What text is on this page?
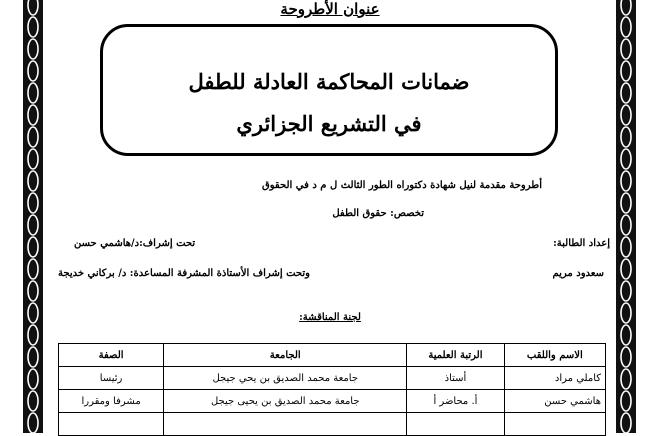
عنوان الأطروحة
ضمانات المحاكمة العادلة للطفل
في التشريع الجزائري
أطروحة مقدمة لنيل شهادة دكتوراه الطور الثالث ل م د في الحقوق
تخصص: حقوق الطفل
إعداد الطالبة:
تحت إشراف:د/هاشمي حسن
سعدود مريم
وتحت إشراف الأستاذة المشرفة المساعدة: د/ بركاني خديجة
لجنة المناقشة:
الاسم واللقب	الرتبة العلمية	الجامعة	الصفة
كاملي مراد	أستاذ	جامعة محمد الصديق بن يحي جيجل	رئيسا
هاشمي حسن	أ. محاضر أ	جامعة محمد الصديق بن يحيى جيجل	مشرفا ومقررا
